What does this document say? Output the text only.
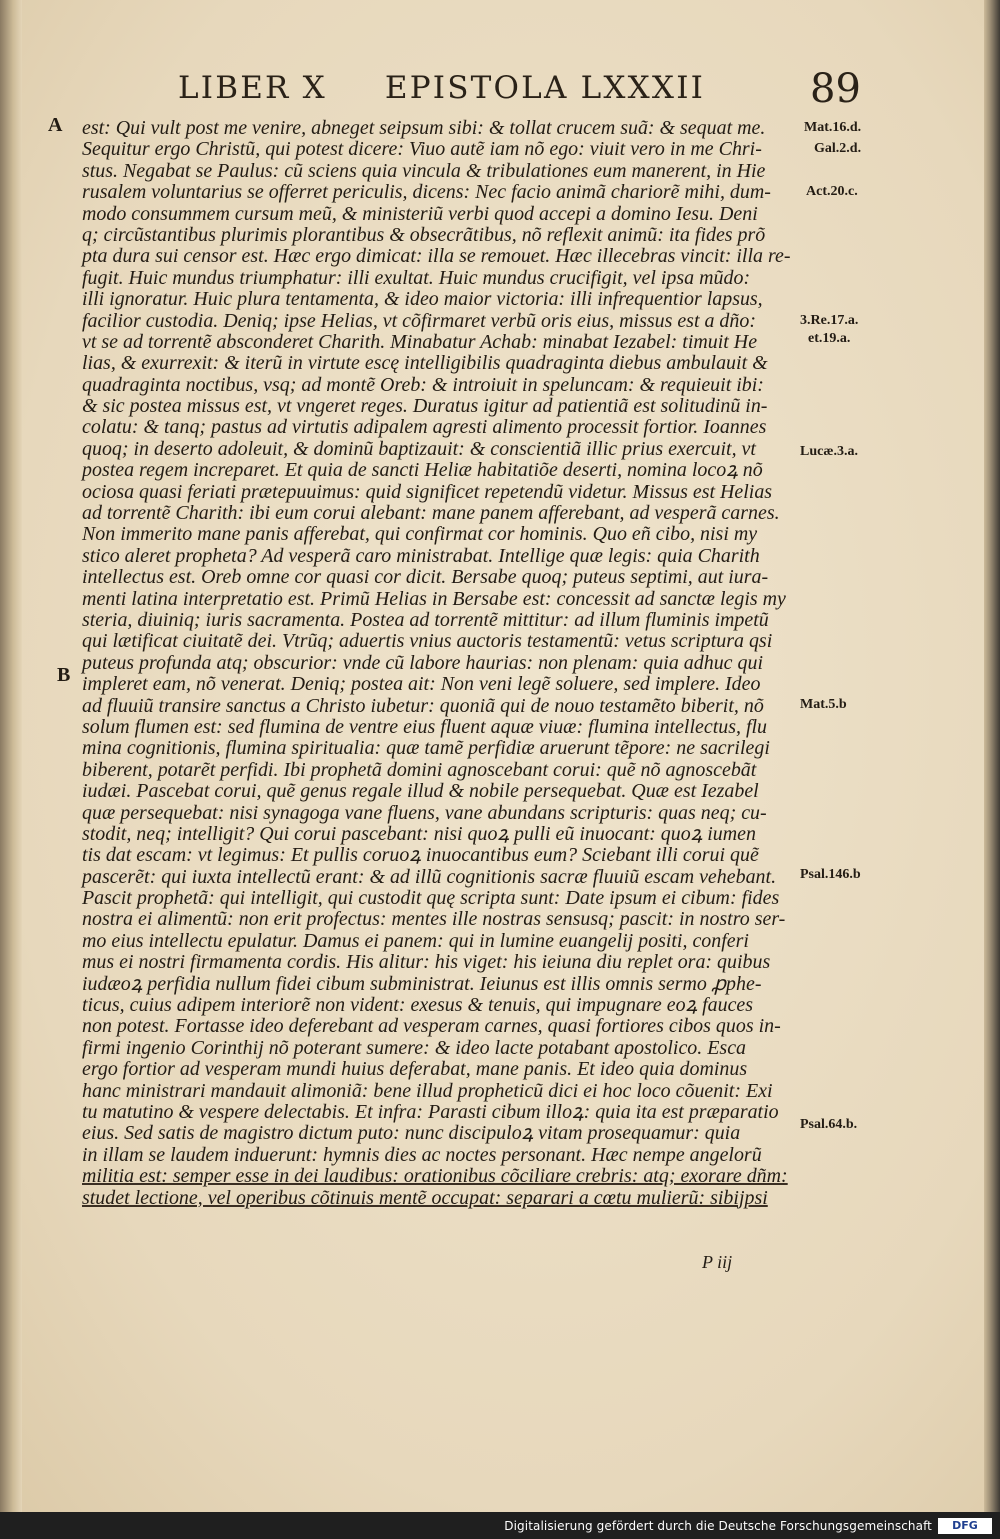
LIBER X EPISTOLA LXXXII	89
A
B
est: Qui vult post me venire, abneget seipsum sibi: & tollat crucem suã: & sequat me.
Sequitur ergo Christũ, qui potest dicere: Viuo autẽ iam nõ ego: viuit vero in me Chri-
stus. Negabat se Paulus: cũ sciens quia vincula & tribulationes eum manerent, in Hie
rusalem voluntarius se offerret periculis, dicens: Nec facio animã chariorẽ mihi, dum-
modo consummem cursum meũ, & ministeriũ verbi quod accepi a domino Iesu. Deni
q; circũstantibus plurimis plorantibus & obsecrãtibus, nõ reflexit animũ: ita fides prõ
pta dura sui censor est. Hæc ergo dimicat: illa se remouet. Hæc illecebras vincit: illa re-
fugit. Huic mundus triumphatur: illi exultat. Huic mundus crucifigit, vel ipsa mũdo:
illi ignoratur. Huic plura tentamenta, & ideo maior victoria: illi infrequentior lapsus,
facilior custodia. Deniq; ipse Helias, vt cõfirmaret verbũ oris eius, missus est a dño:
vt se ad torrentẽ absconderet Charith. Minabatur Achab: minabat Iezabel: timuit He
lias, & exurrexit: & iterũ in virtute escę intelligibilis quadraginta diebus ambulauit &
quadraginta noctibus, vsq; ad montẽ Oreb: & introiuit in speluncam: & requieuit ibi:
& sic postea missus est, vt vngeret reges. Duratus igitur ad patientiã est solitudinũ in-
colatu: & tanq; pastus ad virtutis adipalem agresti alimento processit fortior. Ioannes
quoq; in deserto adoleuit, & dominũ baptizauit: & conscientiã illic prius exercuit, vt
postea regem increparet. Et quia de sancti Heliæ habitatiõe deserti, nomina locoꝝ nõ
ociosa quasi feriati prætериuimus: quid significet repetendũ videtur. Missus est Helias
ad torrentẽ Charith: ibi eum corui alebant: mane panem afferebant, ad vesperã carnes.
Non immerito mane panis afferebat, qui confirmat cor hominis. Quo eñ cibo, nisi my
stico aleret propheta? Ad vesperã caro ministrabat. Intellige quæ legis: quia Charith
intellectus est. Oreb omne cor quasi cor dicit. Bersabe quoq; puteus septimi, aut iura-
menti latina interpretatio est. Primũ Helias in Bersabe est: concessit ad sanctæ legis my
steria, diuiniq; iuris sacramenta. Postea ad torrentẽ mittitur: ad illum fluminis impetũ
qui lætificat ciuitatẽ dei. Vtrũq; aduertis vnius auctoris testamentũ: vetus scriptura qsi
puteus profunda atq; obscurior: vnde cũ labore haurias: non plenam: quia adhuc qui
impleret eam, nõ venerat. Deniq; postea ait: Non veni legẽ soluere, sed implere. Ideo
ad fluuiũ transire sanctus a Christo iubetur: quoniã qui de nouo testamẽto biberit, nõ
solum flumen est: sed flumina de ventre eius fluent aquæ viuæ: flumina intellectus, flu
mina cognitionis, flumina spiritualia: quæ tamẽ perfidiæ aruerunt tẽpore: ne sacrilegi
biberent, potarẽt perfidi. Ibi prophetã domini agnoscebant corui: quẽ nõ agnoscebãt
iudæi. Pascebat corui, quẽ genus regale illud & nobile persequebat. Quæ est Iezabel
quæ persequebat: nisi synagoga vane fluens, vane abundans scripturis: quas neq; cu-
stodit, neq; intelligit? Qui corui pascebant: nisi quoꝝ pulli eũ inuocant: quoꝝ iumen
tis dat escam: vt legimus: Et pullis coruoꝝ inuocantibus eum? Sciebant illi corui quẽ
pascerẽt: qui iuxta intellectũ erant: & ad illũ cognitionis sacræ fluuiũ escam vehebant.
Pascit prophetã: qui intelligit, qui custodit quę scripta sunt: Date ipsum ei cibum: fides
nostra ei alimentũ: non erit profectus: mentes ille nostras sensusq; pascit: in nostro ser-
mo eius intellectu epulatur. Damus ei panem: qui in lumine euangelij positi, conferi
mus ei nostri firmamenta cordis. His alitur: his viget: his ieiuna diu replet ora: quibus
iudæoꝝ perfidia nullum fidei cibum subministrat. Ieiunus est illis omnis sermo ꝓphe-
ticus, cuius adipem interiorẽ non vident: exesus & tenuis, qui impugnare eoꝝ fauces
non potest. Fortasse ideo deferebant ad vesperam carnes, quasi fortiores cibos quos in-
firmi ingenio Corinthij nõ poterant sumere: & ideo lacte potabant apostolico. Esca
ergo fortior ad vesperam mundi huius deferabat, mane panis. Et ideo quia dominus
hanc ministrari mandauit alimoniã: bene illud propheticũ dici ei hoc loco cõuenit: Exi
tu matutino & vespere delectabis. Et infra: Parasti cibum illoꝝ: quia ita est præparatio
eius. Sed satis de magistro dictum puto: nunc discipuloꝝ vitam prosequamur: quia
in illam se laudem induerunt: hymnis dies ac noctes personant. Hæc nempe angelorũ
militia est: semper esse in dei laudibus: orationibus cõciliare crebris: atq; exorare dñm:
studet lectione, vel operibus cõtinuis mentẽ occupat: separari a cœtu mulierũ: sibijpsi
Mat.16.d.
Gal.2.d.
Act.20.c.
3.Re.17.a.
et.19.a.
Lucæ.3.a.
Mat.5.b
Psal.146.b
Psal.64.b.
P iij
Digitalisierung gefördert durch die Deutsche Forschungsgemeinschaft	DFG
